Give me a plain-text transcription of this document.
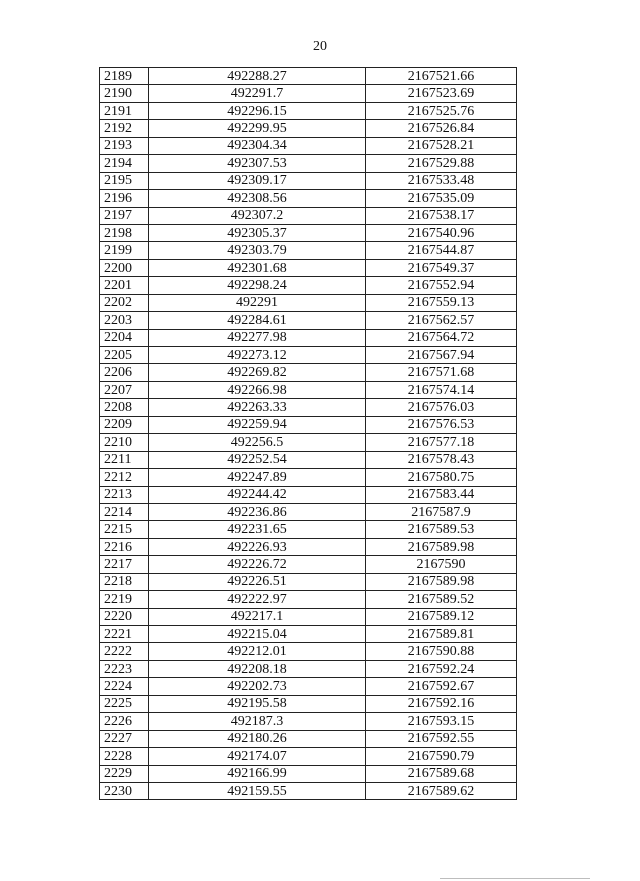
20
2189	492288.27	2167521.66
2190	492291.7	2167523.69
2191	492296.15	2167525.76
2192	492299.95	2167526.84
2193	492304.34	2167528.21
2194	492307.53	2167529.88
2195	492309.17	2167533.48
2196	492308.56	2167535.09
2197	492307.2	2167538.17
2198	492305.37	2167540.96
2199	492303.79	2167544.87
2200	492301.68	2167549.37
2201	492298.24	2167552.94
2202	492291	2167559.13
2203	492284.61	2167562.57
2204	492277.98	2167564.72
2205	492273.12	2167567.94
2206	492269.82	2167571.68
2207	492266.98	2167574.14
2208	492263.33	2167576.03
2209	492259.94	2167576.53
2210	492256.5	2167577.18
2211	492252.54	2167578.43
2212	492247.89	2167580.75
2213	492244.42	2167583.44
2214	492236.86	2167587.9
2215	492231.65	2167589.53
2216	492226.93	2167589.98
2217	492226.72	2167590
2218	492226.51	2167589.98
2219	492222.97	2167589.52
2220	492217.1	2167589.12
2221	492215.04	2167589.81
2222	492212.01	2167590.88
2223	492208.18	2167592.24
2224	492202.73	2167592.67
2225	492195.58	2167592.16
2226	492187.3	2167593.15
2227	492180.26	2167592.55
2228	492174.07	2167590.79
2229	492166.99	2167589.68
2230	492159.55	2167589.62
